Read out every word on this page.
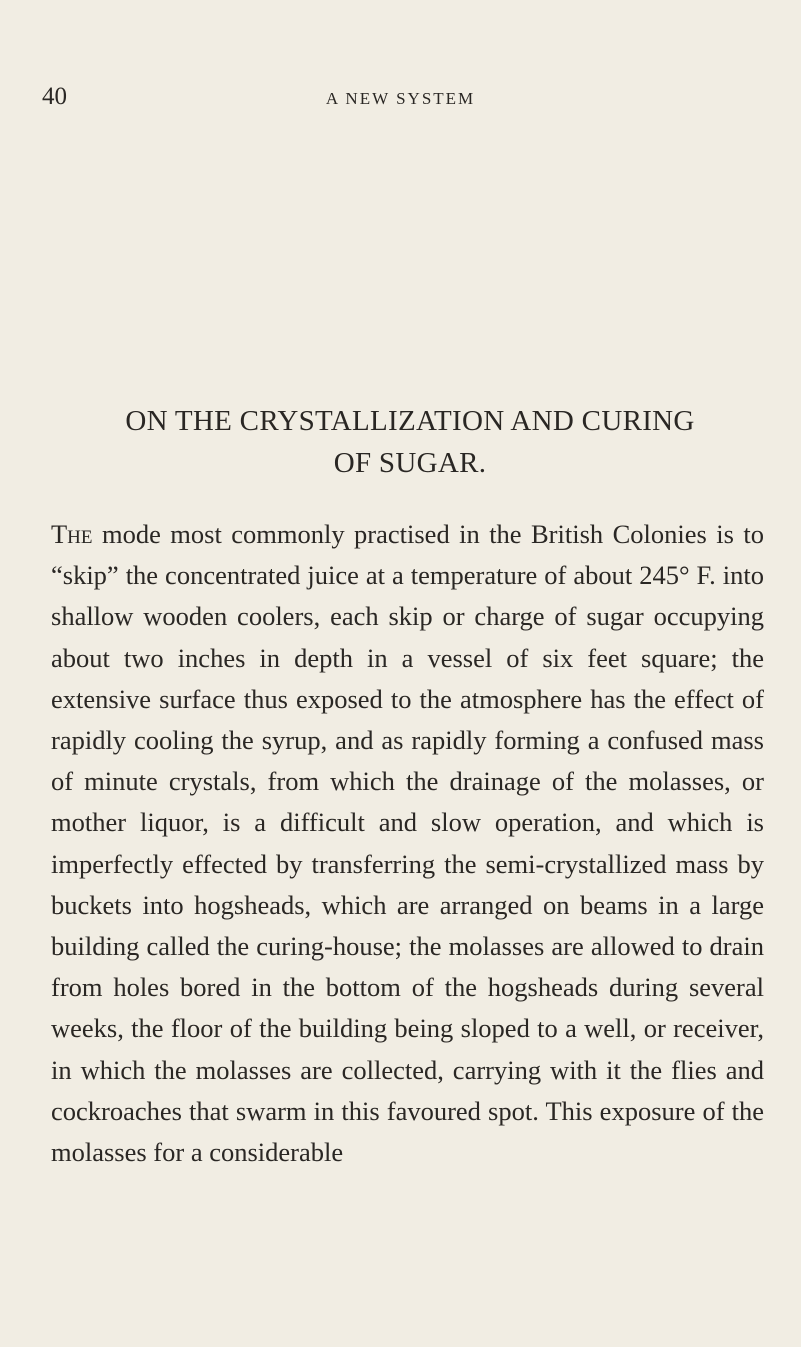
40	A NEW SYSTEM
ON THE CRYSTALLIZATION AND CURING
OF SUGAR.

The mode most commonly practised in the British Colonies is to “skip” the concentrated juice at a temperature of about 245° F. into shallow wooden coolers, each skip or charge of sugar occupying about two inches in depth in a vessel of six feet square; the extensive surface thus exposed to the atmosphere has the effect of rapidly cooling the syrup, and as rapidly forming a confused mass of minute crystals, from which the drainage of the molasses, or mother liquor, is a difficult and slow operation, and which is imperfectly effected by transferring the semi-crystallized mass by buckets into hogsheads, which are arranged on beams in a large building called the curing-house; the molasses are allowed to drain from holes bored in the bottom of the hogsheads during several weeks, the floor of the building being sloped to a well, or receiver, in which the molasses are collected, carrying with it the flies and cockroaches that swarm in this favoured spot. This exposure of the molasses for a considerable
